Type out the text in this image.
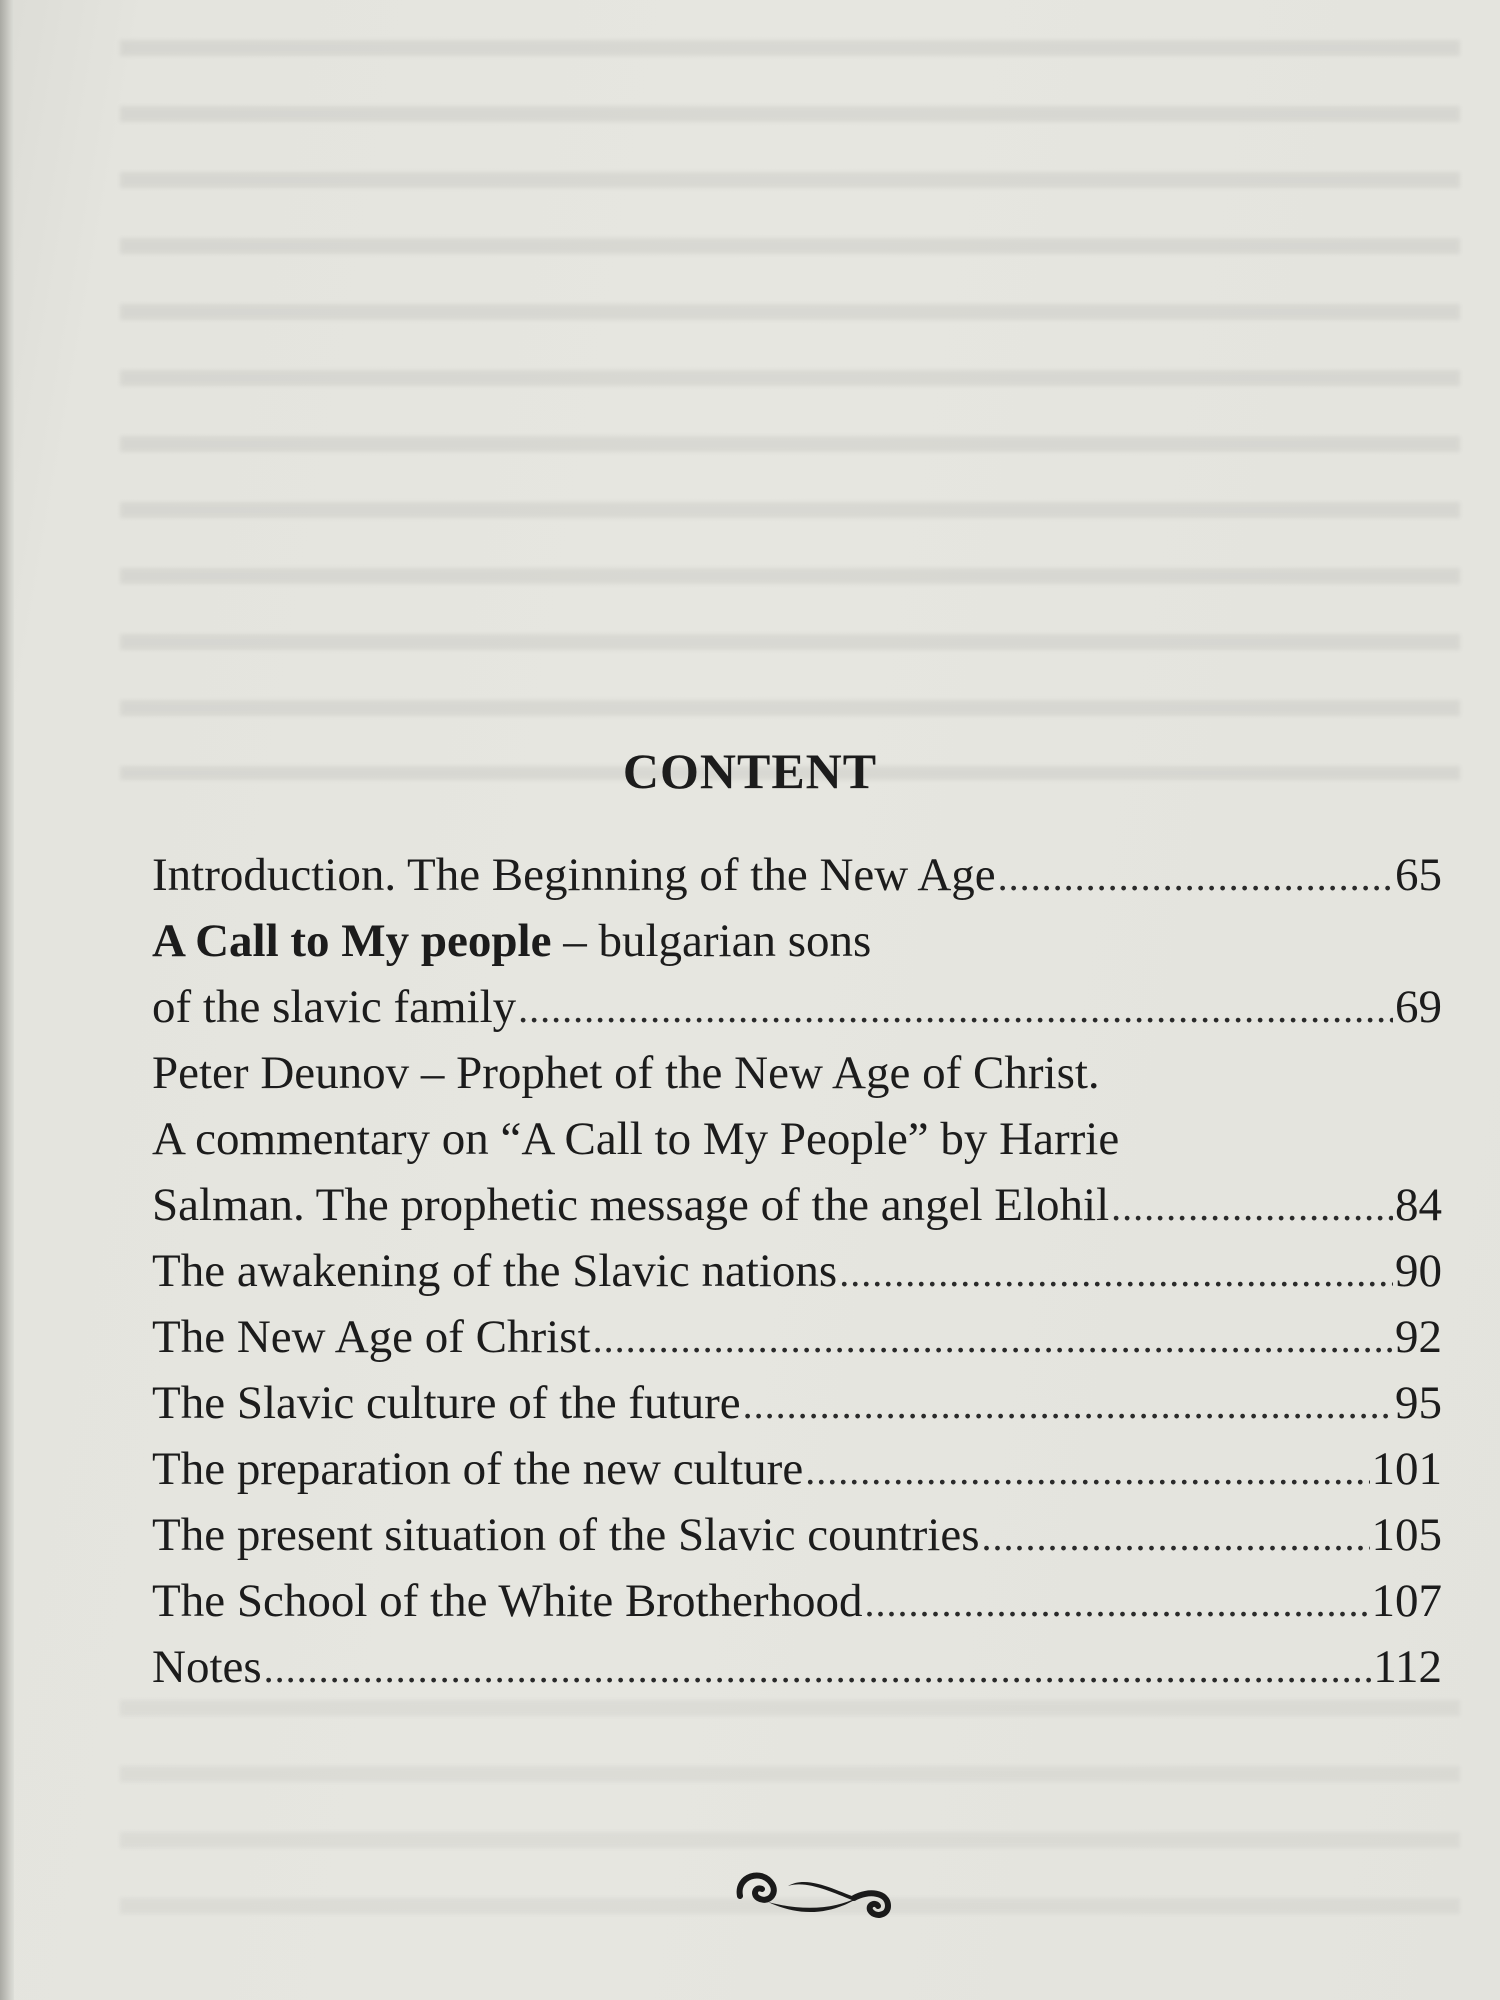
CONTENT
Introduction. The Beginning of the New Age .....	65
A Call to My people – bulgarian sons
of the slavic family .....	69
Peter Deunov – Prophet of the New Age of Christ.
A commentary on “A Call to My People” by Harrie
Salman. The prophetic message of the angel Elohil .....	84
The awakening of the Slavic nations .....	90
The New Age of Christ .....	92
The Slavic culture of the future .....	95
The preparation of the new culture .....	101
The present situation of the Slavic countries .....	105
The School of the White Brotherhood .....	107
Notes .....	112
